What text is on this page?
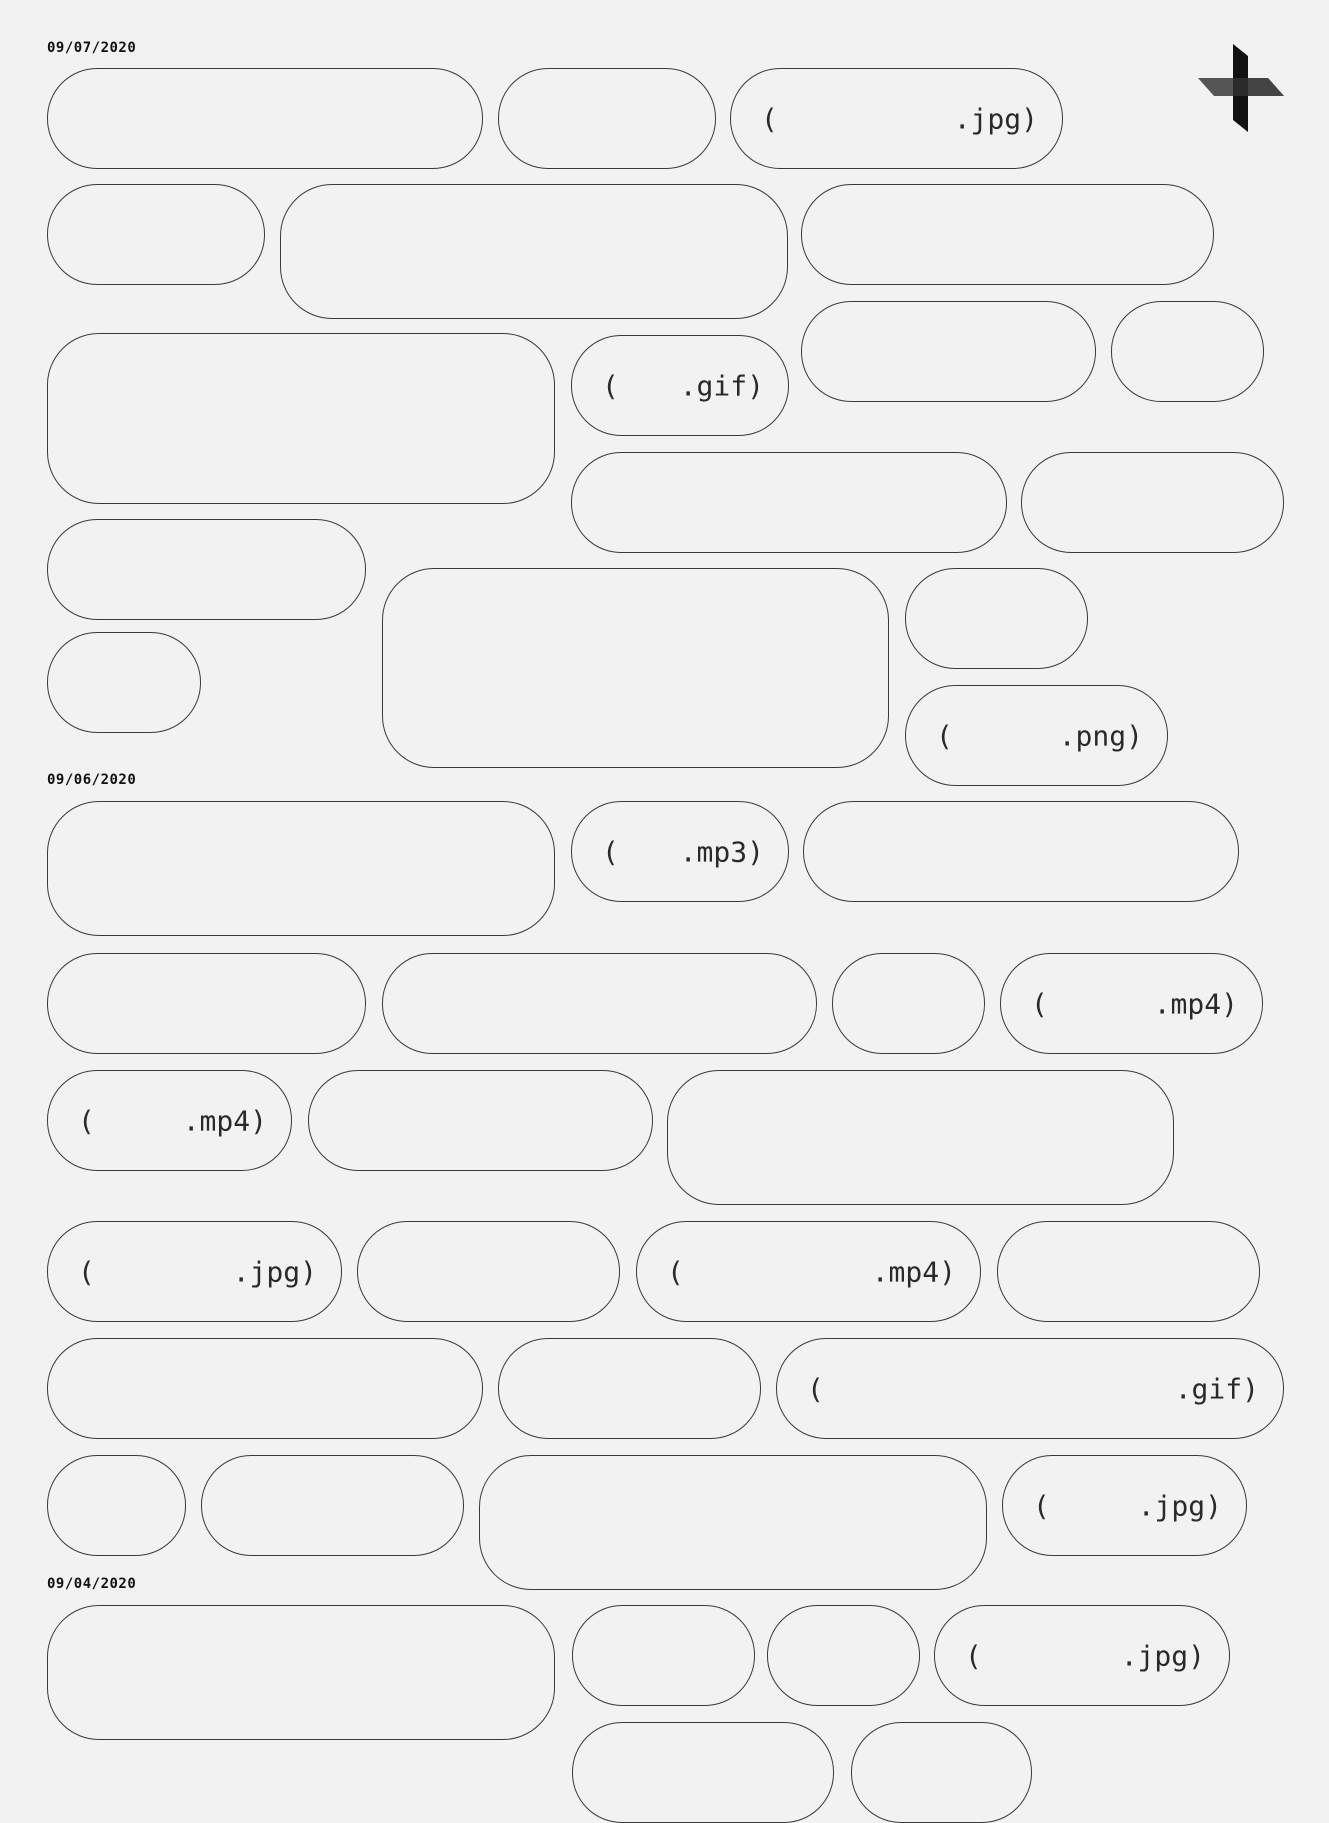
09/07/2020
(	.jpg)
( .gif)
(	.png)
09/06/2020
( .mp3)
(	.mp4)
(	.mp4)
(	.jpg)	(	.mp4)
(	.gif)
(	.jpg)
09/04/2020
(	.jpg)
